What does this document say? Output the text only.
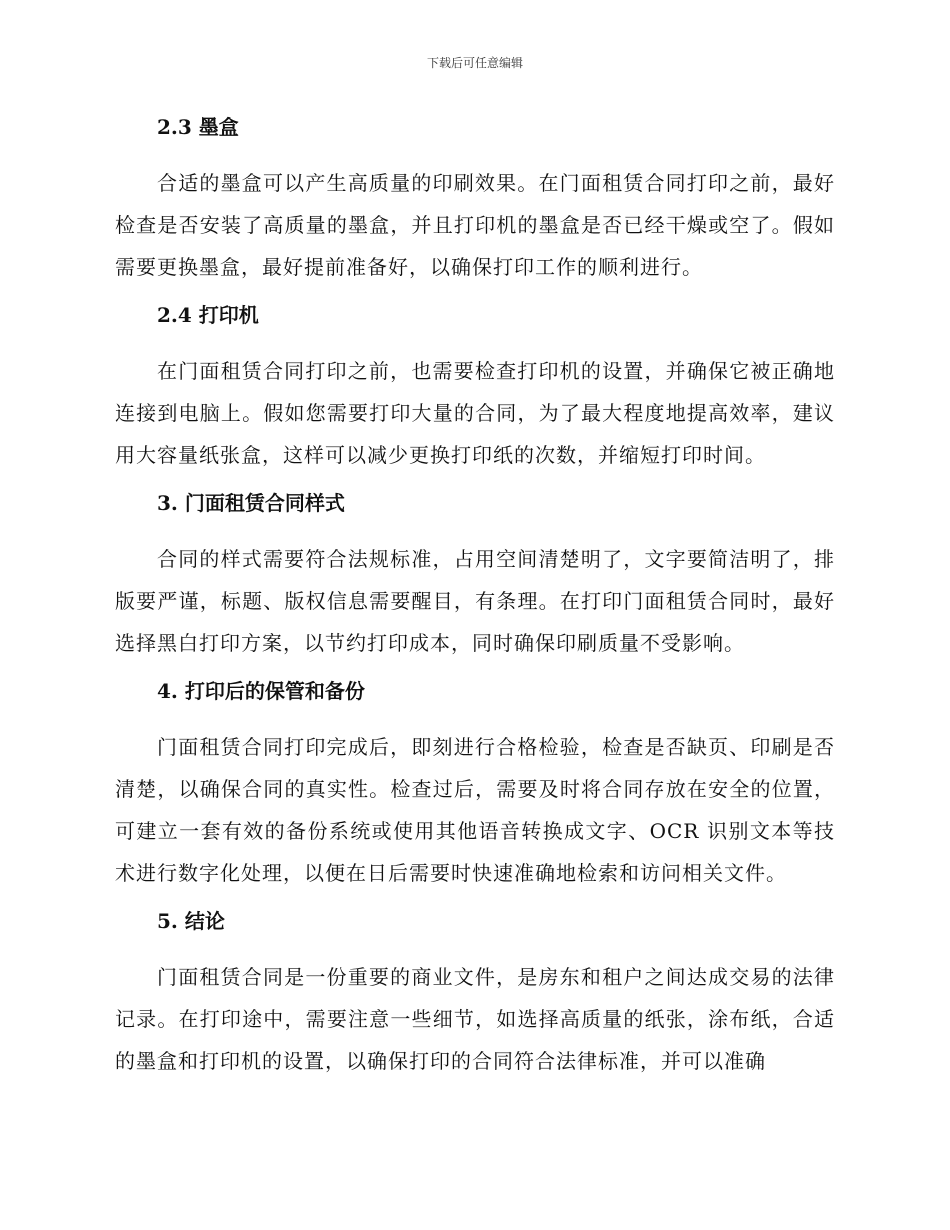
下载后可任意编辑
2.3 墨盒

合适的墨盒可以产生高质量的印刷效果。在门面租赁合同打印之前，最好检查是否安装了高质量的墨盒，并且打印机的墨盒是否已经干燥或空了。假如需要更换墨盒，最好提前准备好，以确保打印工作的顺利进行。

2.4 打印机

在门面租赁合同打印之前，也需要检查打印机的设置，并确保它被正确地连接到电脑上。假如您需要打印大量的合同，为了最大程度地提高效率，建议用大容量纸张盒，这样可以减少更换打印纸的次数，并缩短打印时间。

3. 门面租赁合同样式

合同的样式需要符合法规标准，占用空间清楚明了，文字要简洁明了，排版要严谨，标题、版权信息需要醒目，有条理。在打印门面租赁合同时，最好选择黑白打印方案，以节约打印成本，同时确保印刷质量不受影响。

4. 打印后的保管和备份

门面租赁合同打印完成后，即刻进行合格检验，检查是否缺页、印刷是否清楚，以确保合同的真实性。检查过后，需要及时将合同存放在安全的位置，可建立一套有效的备份系统或使用其他语音转换成文字、OCR 识别文本等技术进行数字化处理，以便在日后需要时快速准确地检索和访问相关文件。

5. 结论

门面租赁合同是一份重要的商业文件，是房东和租户之间达成交易的法律记录。在打印途中，需要注意一些细节，如选择高质量的纸张，涂布纸，合适的墨盒和打印机的设置，以确保打印的合同符合法律标准，并可以准确
